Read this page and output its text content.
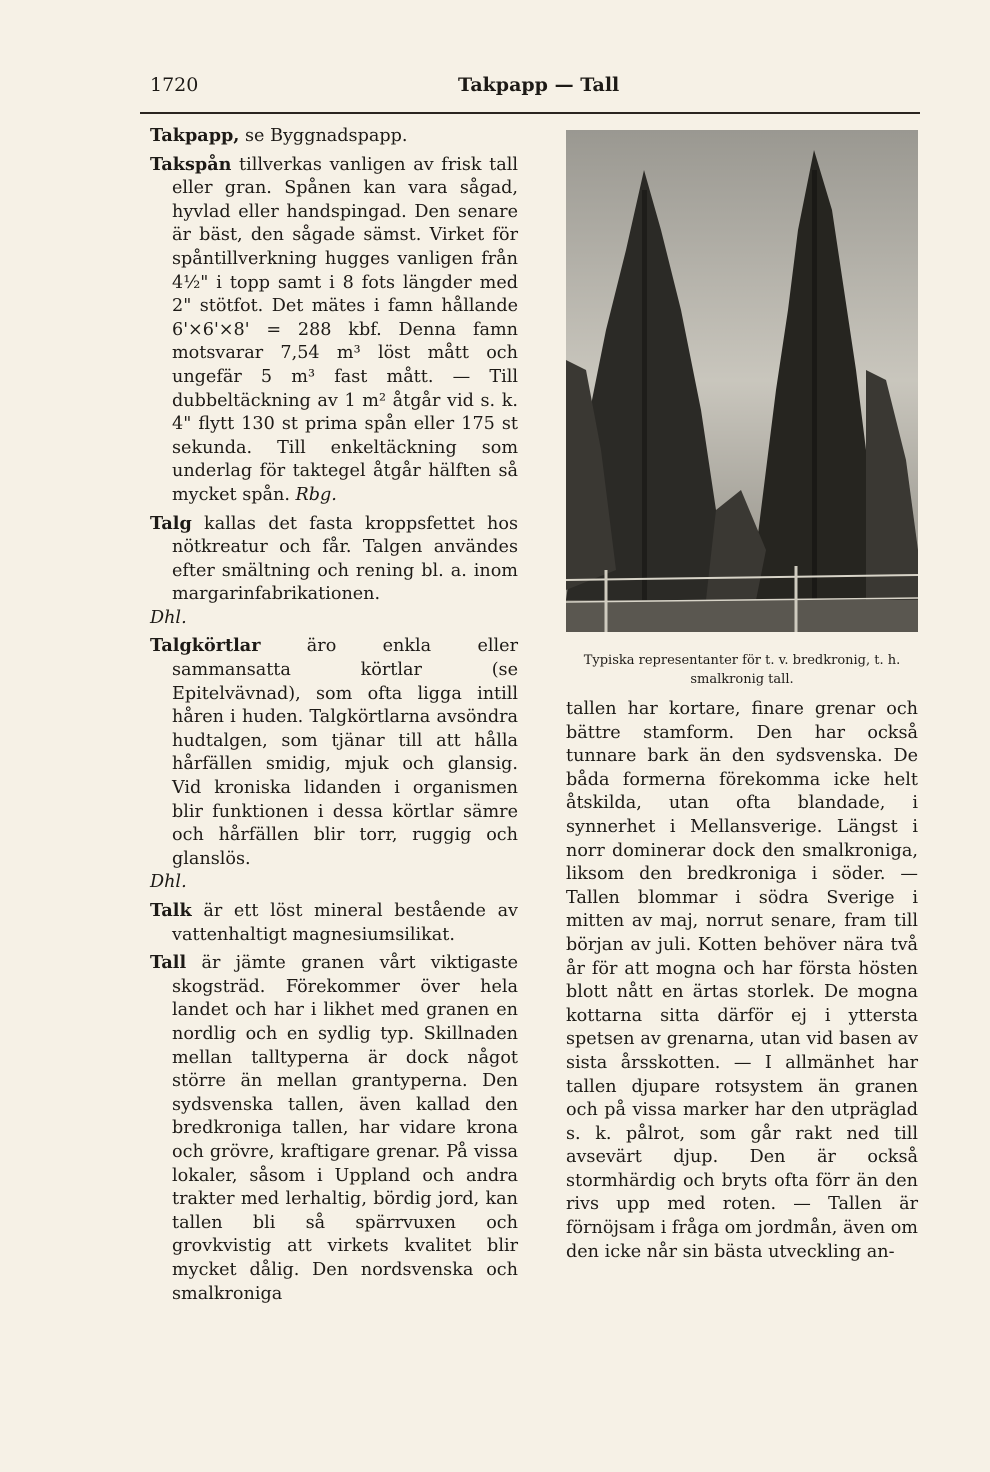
1720	Takpapp — Tall

Takpapp, se Byggnadspapp.

Takspån tillverkas vanligen av frisk tall eller gran. Spånen kan vara sågad, hyvlad eller handspingad. Den senare är bäst, den sågade sämst. Virket för spåntillverkning hugges vanligen från 4½" i topp samt i 8 fots längder med 2" stötfot. Det mätes i famn hållande 6'×6'×8' = 288 kbf. Denna famn motsvarar 7,54 m³ löst mått och ungefär 5 m³ fast mått. — Till dubbeltäckning av 1 m² åtgår vid s. k. 4" flytt 130 st prima spån eller 175 st sekunda. Till enkeltäckning som underlag för taktegel åtgår hälften så mycket spån. Rbg.

Talg kallas det fasta kroppsfettet hos nötkreatur och får. Talgen användes efter smältning och rening bl. a. inom margarinfabrikationen.
Dhl.

Talgkörtlar äro enkla eller sammansatta körtlar (se Epitelvävnad), som ofta ligga intill håren i huden. Talgkörtlarna avsöndra hudtalgen, som tjänar till att hålla hårfällen smidig, mjuk och glansig. Vid kroniska lidanden i organismen blir funktionen i dessa körtlar sämre och hårfällen blir torr, ruggig och glanslös.
Dhl.

Talk är ett löst mineral bestående av vattenhaltigt magnesiumsilikat.

Tall är jämte granen vårt viktigaste skogsträd. Förekommer över hela landet och har i likhet med granen en nordlig och en sydlig typ. Skillnaden mellan talltyperna är dock något större än mellan grantyperna. Den sydsvenska tallen, även kallad den bredkroniga tallen, har vidare krona och grövre, kraftigare grenar. På vissa lokaler, såsom i Uppland och andra trakter med lerhaltig, bördig jord, kan tallen bli så spärrvuxen och grovkvistig att virkets kvalitet blir mycket dålig. Den nordsvenska och smalkroniga

Typiska representanter för t. v. bredkronig, t. h. smalkronig tall.

tallen har kortare, finare grenar och bättre stamform. Den har också tunnare bark än den sydsvenska. De båda formerna förekomma icke helt åtskilda, utan ofta blandade, i synnerhet i Mellansverige. Längst i norr dominerar dock den smalkroniga, liksom den bredkroniga i söder. — Tallen blommar i södra Sverige i mitten av maj, norrut senare, fram till början av juli. Kotten behöver nära två år för att mogna och har första hösten blott nått en ärtas storlek. De mogna kottarna sitta därför ej i yttersta spetsen av grenarna, utan vid basen av sista årsskotten. — I allmänhet har tallen djupare rotsystem än granen och på vissa marker har den utpräglad s. k. pålrot, som går rakt ned till avsevärt djup. Den är också stormhärdig och bryts ofta förr än den rivs upp med roten. — Tallen är förnöjsam i fråga om jordmån, även om den icke når sin bästa utveckling an-
